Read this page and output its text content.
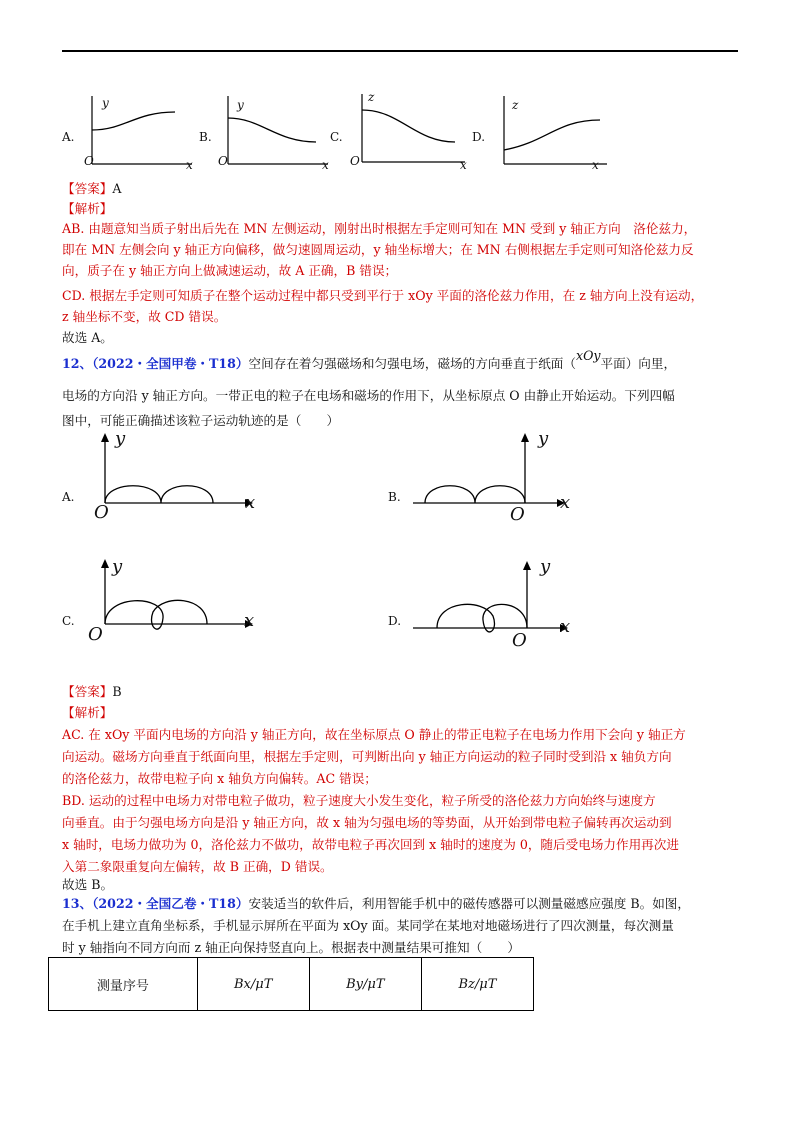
A.
y
O	x
B.
y
O	x
C.
z
O	x
D.
z
x
【答案】A
【解析】
AB. 由题意知当质子射出后先在 MN 左侧运动，刚射出时根据左手定则可知在 MN 受到 y 轴正方向　洛伦兹力，
即在 MN 左侧会向 y 轴正方向偏移，做匀速圆周运动，y 轴坐标增大；在 MN 右侧根据左手定则可知洛伦兹力反
向，质子在 y 轴正方向上做减速运动，故 A 正确，B 错误；
CD. 根据左手定则可知质子在整个运动过程中都只受到平行于 xOy 平面的洛伦兹力作用，在 z 轴方向上没有运动，
z 轴坐标不变，故 CD 错误。
故选 A。
12、（2022・全国甲卷・T18）空间存在着匀强磁场和匀强电场，磁场的方向垂直于纸面（xOy平面）向里，
电场的方向沿 y 轴正方向。一带正电的粒子在电场和磁场的作用下，从坐标原点 O 由静止开始运动。下列四幅
图中，可能正确描述该粒子运动轨迹的是（　　）
A.
y
x
O
B.
y
x
O
C.
y
x
O
D.
y
x
O
【答案】B
【解析】
AC. 在 xOy 平面内电场的方向沿 y 轴正方向，故在坐标原点 O 静止的带正电粒子在电场力作用下会向 y 轴正方
向运动。磁场方向垂直于纸面向里，根据左手定则，可判断出向 y 轴正方向运动的粒子同时受到沿 x 轴负方向
的洛伦兹力，故带电粒子向 x 轴负方向偏转。AC 错误；
BD. 运动的过程中电场力对带电粒子做功，粒子速度大小发生变化，粒子所受的洛伦兹力方向始终与速度方
向垂直。由于匀强电场方向是沿 y 轴正方向，故 x 轴为匀强电场的等势面，从开始到带电粒子偏转再次运动到
x 轴时，电场力做功为 0，洛伦兹力不做功，故带电粒子再次回到 x 轴时的速度为 0，随后受电场力作用再次进
入第二象限重复向左偏转，故 B 正确，D 错误。
故选 B。
13、（2022・全国乙卷・T18）安装适当的软件后，利用智能手机中的磁传感器可以测量磁感应强度 B。如图，
在手机上建立直角坐标系，手机显示屏所在平面为 xOy 面。某同学在某地对地磁场进行了四次测量，每次测量
时 y 轴指向不同方向而 z 轴正向保持竖直向上。根据表中测量结果可推知（　　）
测量序号	Bx/μT	By/μT	Bz/μT
